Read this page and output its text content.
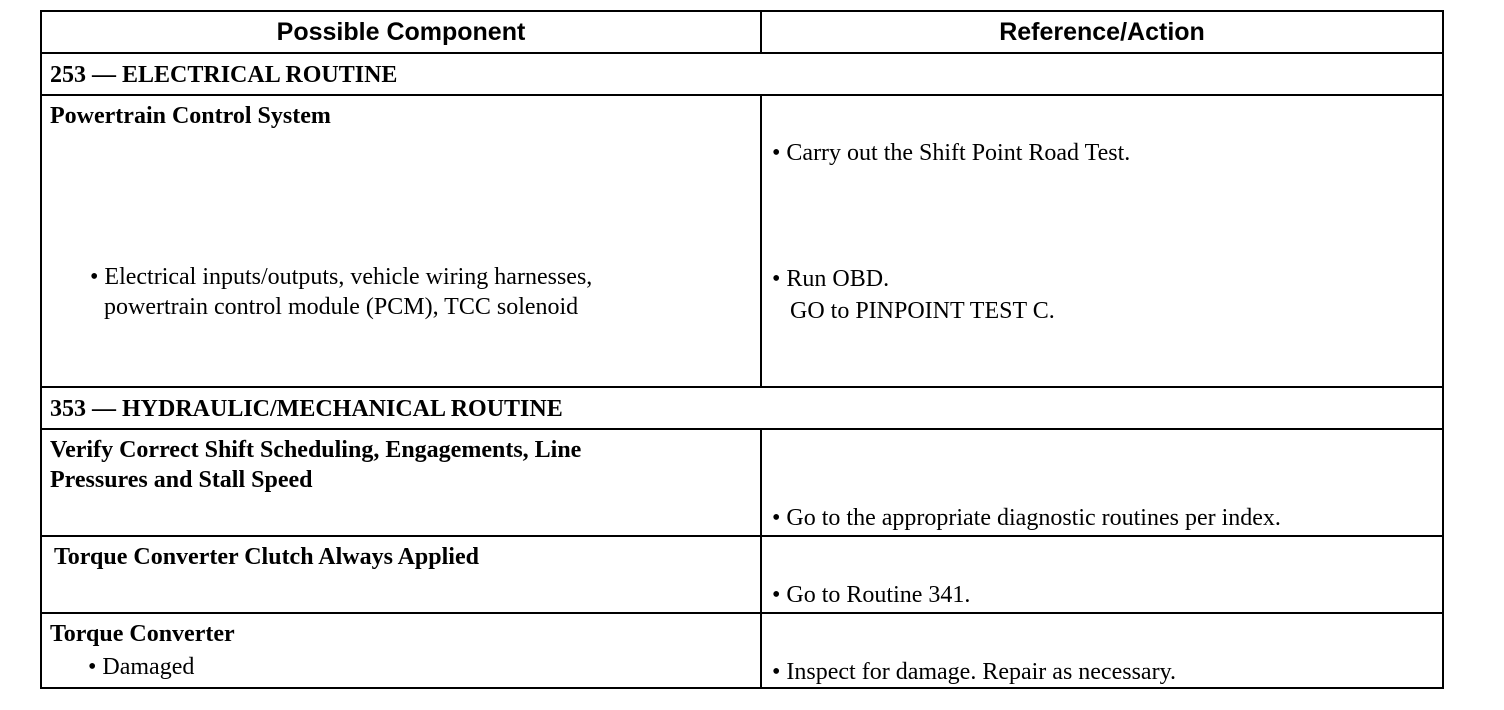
Possible Component	Reference/Action
253 — ELECTRICAL ROUTINE
Powertrain Control System
• Electrical inputs/outputs, vehicle wiring harnesses,
powertrain control module (PCM), TCC solenoid
• Carry out the Shift Point Road Test.
• Run OBD.
GO to PINPOINT TEST C.
353 — HYDRAULIC/MECHANICAL ROUTINE
Verify Correct Shift Scheduling, Engagements, Line
Pressures and Stall Speed
• Go to the appropriate diagnostic routines per index.
Torque Converter Clutch Always Applied
• Go to Routine 341.
Torque Converter
• Damaged	• Inspect for damage. Repair as necessary.
